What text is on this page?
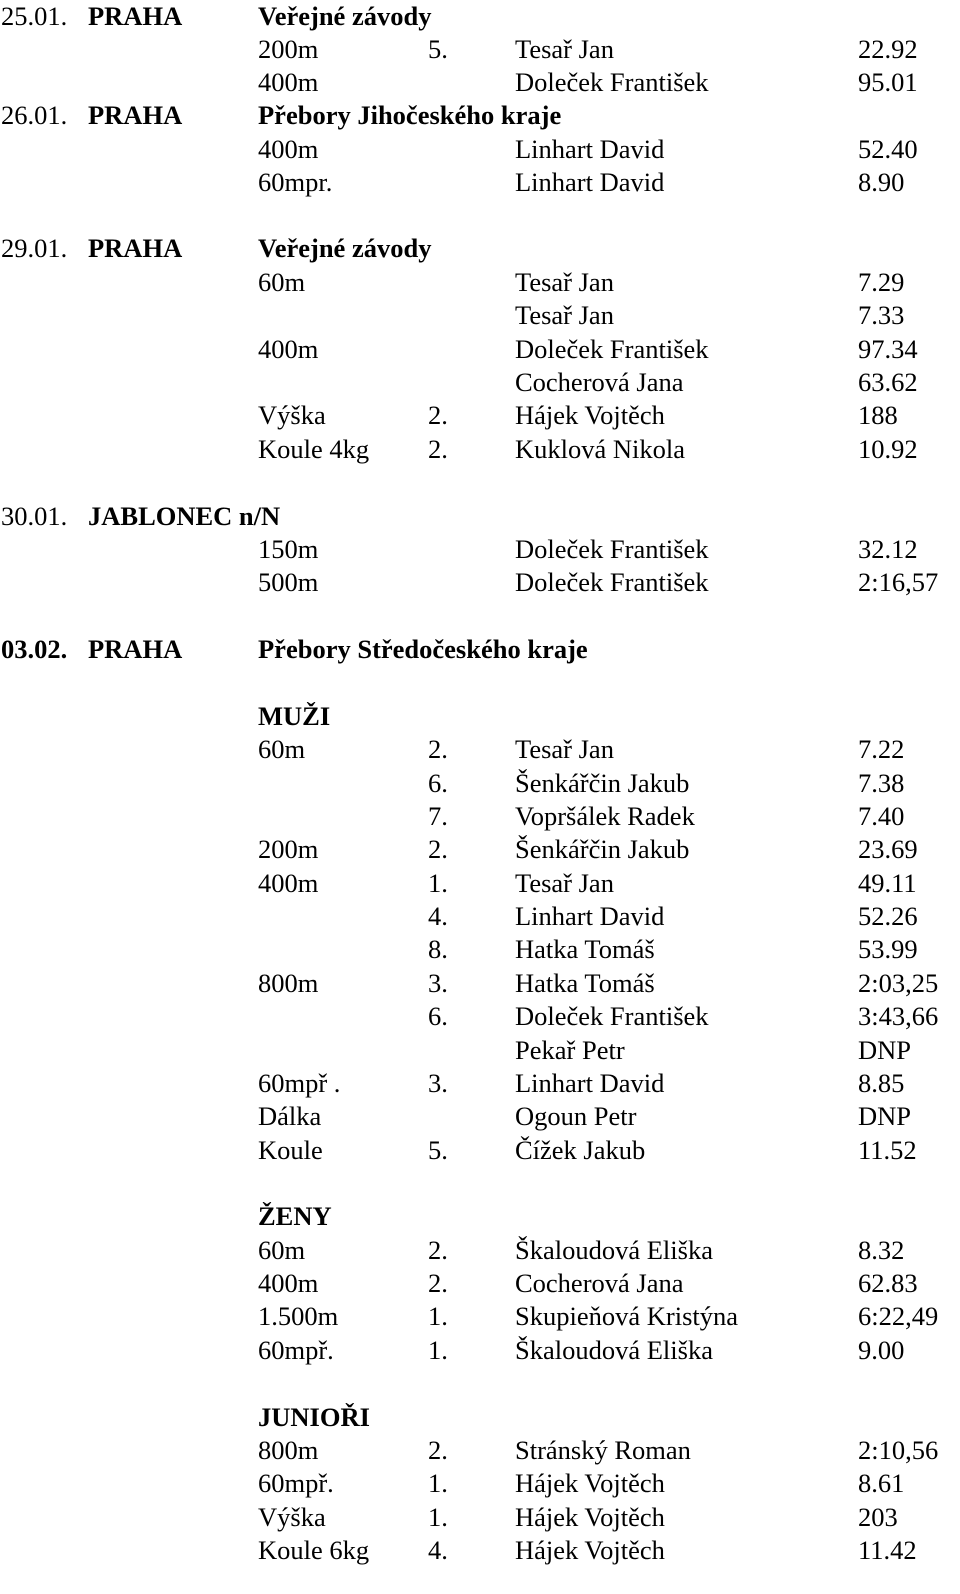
25.01. PRAHA	Veřejné závody
200m	5.	Tesař Jan	22.92
400m	Doleček František	95.01
26.01. PRAHA	Přebory Jihočeského kraje
400m	Linhart David	52.40
60mpr.	Linhart David	8.90
29.01. PRAHA	Veřejné závody
60m	Tesař Jan	7.29
Tesař Jan	7.33
400m	Doleček František	97.34
Cocherová Jana	63.62
Výška	2.	Hájek Vojtěch	188
Koule 4kg 2.	Kuklová Nikola	10.92
30.01. JABLONEC n/N
150m	Doleček František	32.12
500m	Doleček František	2:16,57
03.02. PRAHA	Přebory Středočeského kraje
MUŽI
60m	2.	Tesař Jan	7.22
6.	Šenkářčin Jakub	7.38
7.	Vopršálek Radek	7.40
200m	2.	Šenkářčin Jakub	23.69
400m	1.	Tesař Jan	49.11
4.	Linhart David	52.26
8.	Hatka Tomáš	53.99
800m	3.	Hatka Tomáš	2:03,25
6.	Doleček František	3:43,66
Pekař Petr	DNP
60mpř .	3.	Linhart David	8.85
Dálka	Ogoun Petr	DNP
Koule	5.	Čížek Jakub	11.52
ŽENY
60m	2.	Škaloudová Eliška	8.32
400m	2.	Cocherová Jana	62.83
1.500m	1.	Skupieňová Kristýna	6:22,49
60mpř.	1.	Škaloudová Eliška	9.00
JUNIOŘI
800m	2.	Stránský Roman	2:10,56
60mpř.	1.	Hájek Vojtěch	8.61
Výška	1.	Hájek Vojtěch	203
Koule 6kg 4.	Hájek Vojtěch	11.42
